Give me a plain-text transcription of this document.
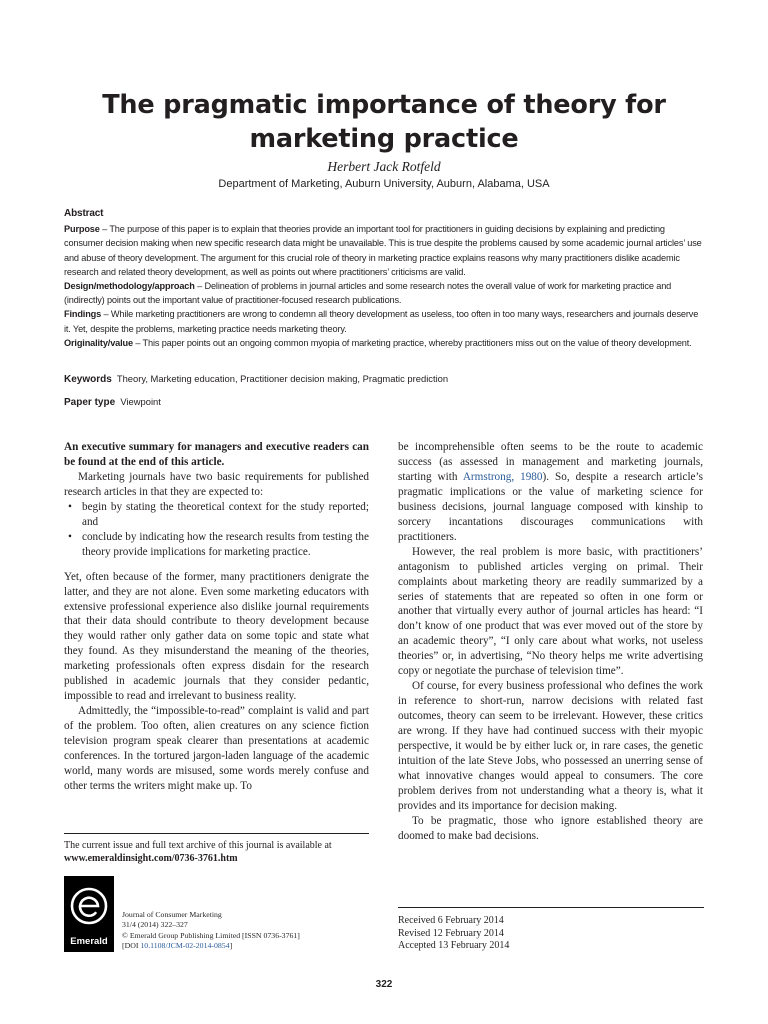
The pragmatic importance of theory for
marketing practice
Herbert Jack Rotfeld
Department of Marketing, Auburn University, Auburn, Alabama, USA
Abstract
Purpose – The purpose of this paper is to explain that theories provide an important tool for practitioners in guiding decisions by explaining and predicting consumer decision making when new specific research data might be unavailable. This is true despite the problems caused by some academic journal articles’ use and abuse of theory development. The argument for this crucial role of theory in marketing practice explains reasons why many practitioners dislike academic research and related theory development, as well as points out where practitioners’ criticisms are valid.
Design/methodology/approach – Delineation of problems in journal articles and some research notes the overall value of work for marketing practice and (indirectly) points out the important value of practitioner-focused research publications.
Findings – While marketing practitioners are wrong to condemn all theory development as useless, too often in too many ways, researchers and journals deserve it. Yet, despite the problems, marketing practice needs marketing theory.
Originality/value – This paper points out an ongoing common myopia of marketing practice, whereby practitioners miss out on the value of theory development.
Keywords Theory, Marketing education, Practitioner decision making, Pragmatic prediction
Paper type Viewpoint

An executive summary for managers and executive readers can be found at the end of this article.

Marketing journals have two basic requirements for published research articles in that they are expected to:

• begin by stating the theoretical context for the study reported; and
• conclude by indicating how the research results from testing the theory provide implications for marketing practice.

Yet, often because of the former, many practitioners denigrate the latter, and they are not alone. Even some marketing educators with extensive professional experience also dislike journal requirements that their data should contribute to theory development because they would rather only gather data on some topic and state what they found. As they misunderstand the meaning of the theories, marketing professionals often express disdain for the research published in academic journals that they consider pedantic, impossible to read and irrelevant to business reality.

Admittedly, the “impossible-to-read” complaint is valid and part of the problem. Too often, alien creatures on any science fiction television program speak clearer than presentations at academic conferences. In the tortured jargon-laden language of the academic world, many words are misused, some words merely confuse and other terms the writers might make up. To

be incomprehensible often seems to be the route to academic success (as assessed in management and marketing journals, starting with Armstrong, 1980). So, despite a research article’s pragmatic implications or the value of marketing science for business decisions, journal language composed with kinship to sorcery incantations discourages communications with practitioners.

However, the real problem is more basic, with practitioners’ antagonism to published articles verging on primal. Their complaints about marketing theory are readily summarized by a series of statements that are repeated so often in one form or another that virtually every author of journal articles has heard: “I don’t know of one product that was ever moved out of the store by an academic theory”, “I only care about what works, not useless theories” or, in advertising, “No theory helps me write advertising copy or negotiate the purchase of television time”.

Of course, for every business professional who defines the work in reference to short-run, narrow decisions with related fast outcomes, theory can seem to be irrelevant. However, these critics are wrong. If they have had continued success with their myopic perspective, it would be by either luck or, in rare cases, the genetic intuition of the late Steve Jobs, who possessed an unerring sense of what innovative changes would appeal to consumers. The core problem derives from not understanding what a theory is, what it provides and its importance for decision making.

To be pragmatic, those who ignore established theory are doomed to make bad decisions.

The current issue and full text archive of this journal is available at
www.emeraldinsight.com/0736-3761.htm
Emerald
Journal of Consumer Marketing
31/4 (2014) 322–327
© Emerald Group Publishing Limited [ISSN 0736-3761]
[DOI 10.1108/JCM-02-2014-0854]
Received 6 February 2014
Revised 12 February 2014
Accepted 13 February 2014
322
